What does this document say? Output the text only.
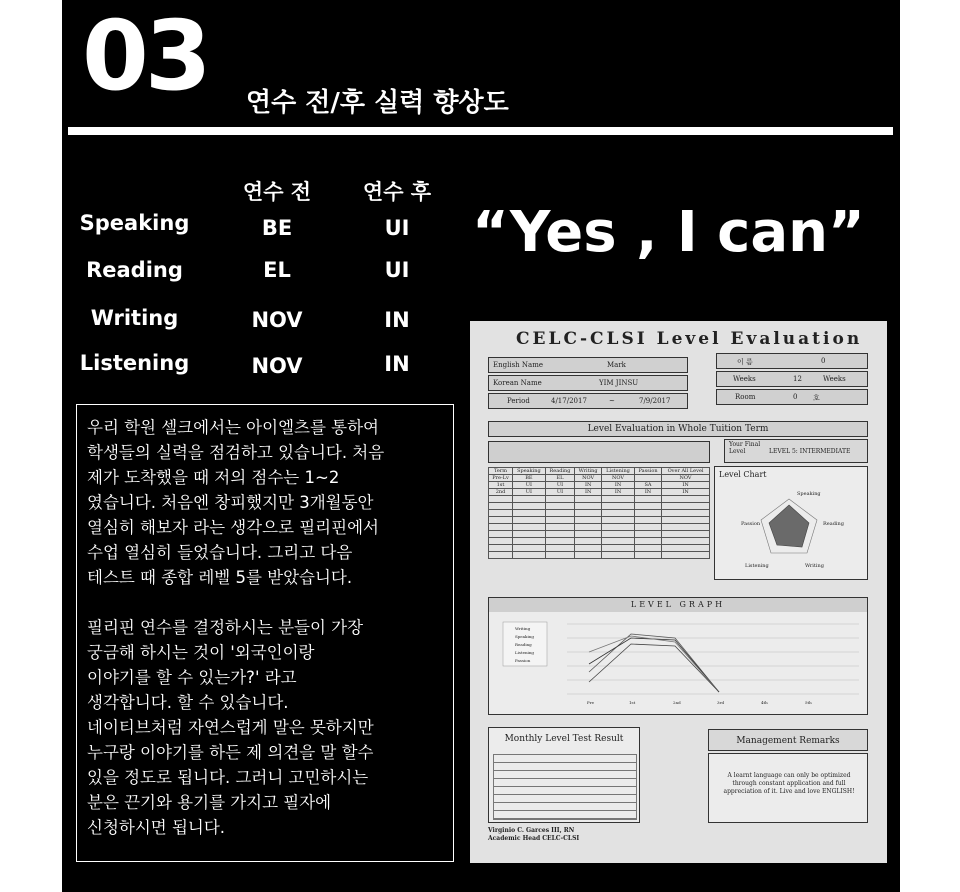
03 연수 전/후 실력 향상도
연수 전	연수 후
Speaking	BE	UI
Reading	EL	UI
Writing	NOV	IN
Listening	NOV	IN
“Yes , I can”

우리 학원 셀크에서는 아이엘츠를 통하여
학생들의 실력을 점검하고 있습니다. 처음
제가 도착했을 때 저의 점수는 1~2
였습니다. 처음엔 창피했지만 3개월동안
열심히 해보자 라는 생각으로 필리핀에서
수업 열심히 들었습니다. 그리고 다음
테스트 때 종합 레벨 5를 받았습니다.

필리핀 연수를 결정하시는 분들이 가장
궁금해 하시는 것이 '외국인이랑
이야기를 할 수 있는가?' 라고
생각합니다. 할 수 있습니다.
네이티브처럼 자연스럽게 말은 못하지만
누구랑 이야기를 하든 제 의견을 말 할수
있을 정도로 됩니다. 그러니 고민하시는
분은 끈기와 용기를 가지고 필자에
신청하시면 됩니다.

CELC-CLSI Level Evaluation
English Name	Mark
Korean Name	YIM JINSU
Period	4/17/2017	~	7/9/2017
이 름	0
Weeks	12	Weeks
Room	0 호
Level Evaluation in Whole Tuition Term
Your Final Level	LEVEL 5: INTERMEDIATE
Term	Speaking	Reading	Writing	Listening	Passion	Over All Level
Pre-Lv	BE	EL	NOV	NOV		NOV
1st	UI	UI	IN	IN	SA	IN
2nd	UI	UI	IN	IN	IN	IN

Level Chart
Speaking
Reading
Writing
Listening
Passion
LEVEL GRAPH
Writing
Speaking
Reading
Listening
Passion
Pre	1st	2nd	3rd	4th	5th
Monthly Level Test Result	Management Remarks
A learnt language can only be optimized through constant application and full appreciation of it. Live and love ENGLISH!
Virginio C. Garces III, RN
Academic Head CELC-CLSI
